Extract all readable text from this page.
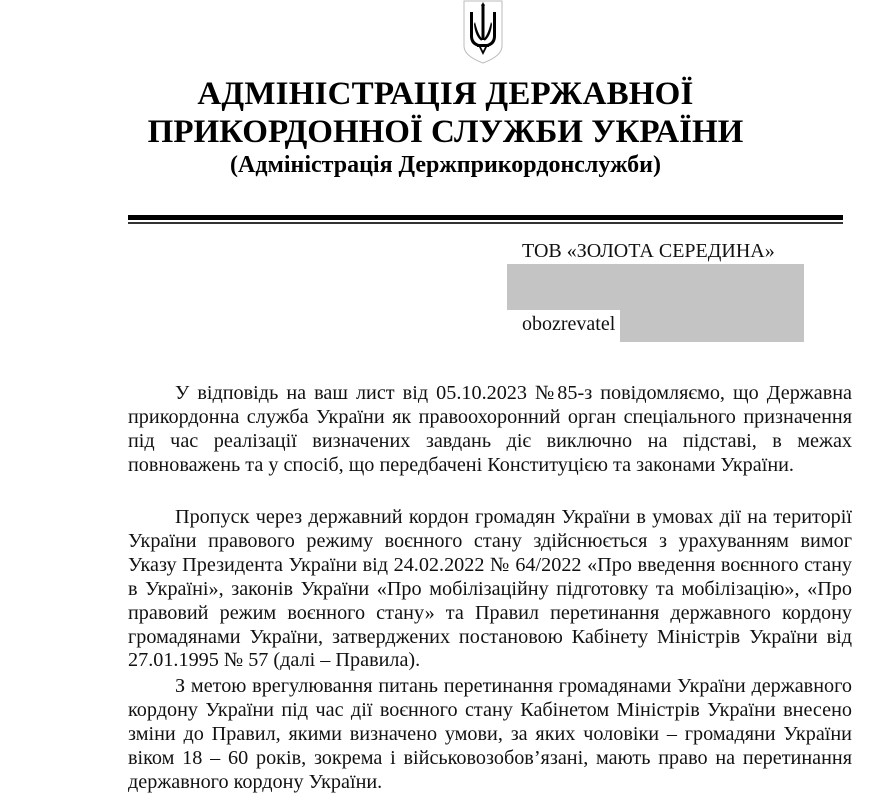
АДМІНІСТРАЦІЯ ДЕРЖАВНОЇ
ПРИКОРДОННОЇ СЛУЖБИ УКРАЇНИ
(Адміністрація Держприкордонслужби)
ТОВ «ЗОЛОТА СЕРЕДИНА»
obozrevatel

У відповідь на ваш лист від 05.10.2023 №85-з повідомляємо, що Державна прикордонна служба України як правоохоронний орган спеціального призначення під час реалізації визначених завдань діє виключно на підставі, в межах повноважень та у спосіб, що передбачені Конституцією та законами України.

Пропуск через державний кордон громадян України в умовах дії на території України правового режиму воєнного стану здійснюється з урахуванням вимог Указу Президента України від 24.02.2022 № 64/2022 «Про введення воєнного стану в Україні», законів України «Про мобілізаційну підготовку та мобілізацію», «Про правовий режим воєнного стану» та Правил перетинання державного кордону громадянами України, затверджених постановою Кабінету Міністрів України від 27.01.1995 № 57 (далі – Правила).

З метою врегулювання питань перетинання громадянами України державного кордону України під час дії воєнного стану Кабінетом Міністрів України внесено зміни до Правил, якими визначено умови, за яких чоловіки – громадяни України віком 18 – 60 років, зокрема і військовозобов’язані, мають право на перетинання державного кордону України.
